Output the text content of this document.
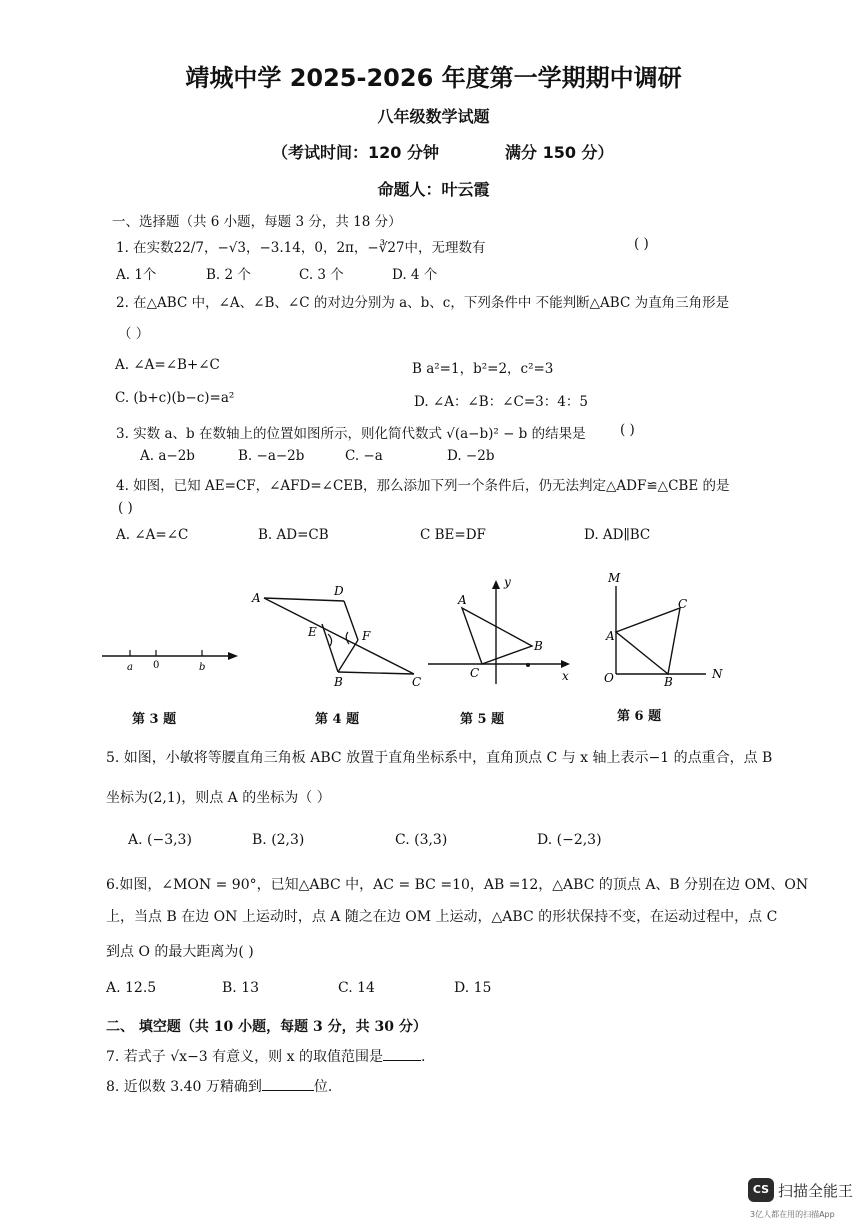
靖城中学 2025-2026 年度第一学期期中调研
八年级数学试题
（考试时间：120 分钟	满分 150 分）
命题人：叶云霞
一、选择题（共 6 小题，每题 3 分，共 18 分）
1. 在实数22/7，−√3，−3.14，0，2π，−∛27中，无理数有	( )
A. 1个	B. 2 个	C. 3 个	D. 4 个
2. 在△ABC 中，∠A、∠B、∠C 的对边分别为 a、b、c，下列条件中 不能判断△ABC 为直角三角形是
（ ）
A. ∠A=∠B+∠C	B a²=1，b²=2，c²=3
C. (b+c)(b−c)=a²	D. ∠A：∠B：∠C=3：4：5
3. 实数 a、b 在数轴上的位置如图所示，则化简代数式 √(a−b)² − b 的结果是	( )
A. a−2b	B. −a−2b	C. −a	D. −2b
4. 如图，已知 AE=CF，∠AFD=∠CEB，那么添加下列一个条件后，仍无法判定△ADF≌△CBE 的是
( )
A. ∠A=∠C	B. AD=CB	C BE=DF	D. AD∥BC
a 0	b
第 3 题
A	D
E	F
B	C
第 4 题
y
A
B
C	x
第 5 题
M
C
A
O	B
N
第 6 题
5. 如图，小敏将等腰直角三角板 ABC 放置于直角坐标系中，直角顶点 C 与 x 轴上表示−1 的点重合，点 B
坐标为(2,1)，则点 A 的坐标为（ ）
A. (−3,3)	B. (2,3)	C. (3,3)	D. (−2,3)
6.如图，∠MON = 90°，已知△ABC 中，AC = BC =10，AB =12，△ABC 的顶点 A、B 分别在边 OM、ON
上，当点 B 在边 ON 上运动时，点 A 随之在边 OM 上运动，△ABC 的形状保持不变，在运动过程中，点 C
到点 O 的最大距离为( )
A. 12.5	B. 13	C. 14	D. 15
二、 填空题（共 10 小题，每题 3 分，共 30 分）
7. 若式子 √x−3 有意义，则 x 的取值范围是	.
8. 近似数 3.40 万精确到	位.
CS 扫描全能王
3亿人都在用的扫描App
